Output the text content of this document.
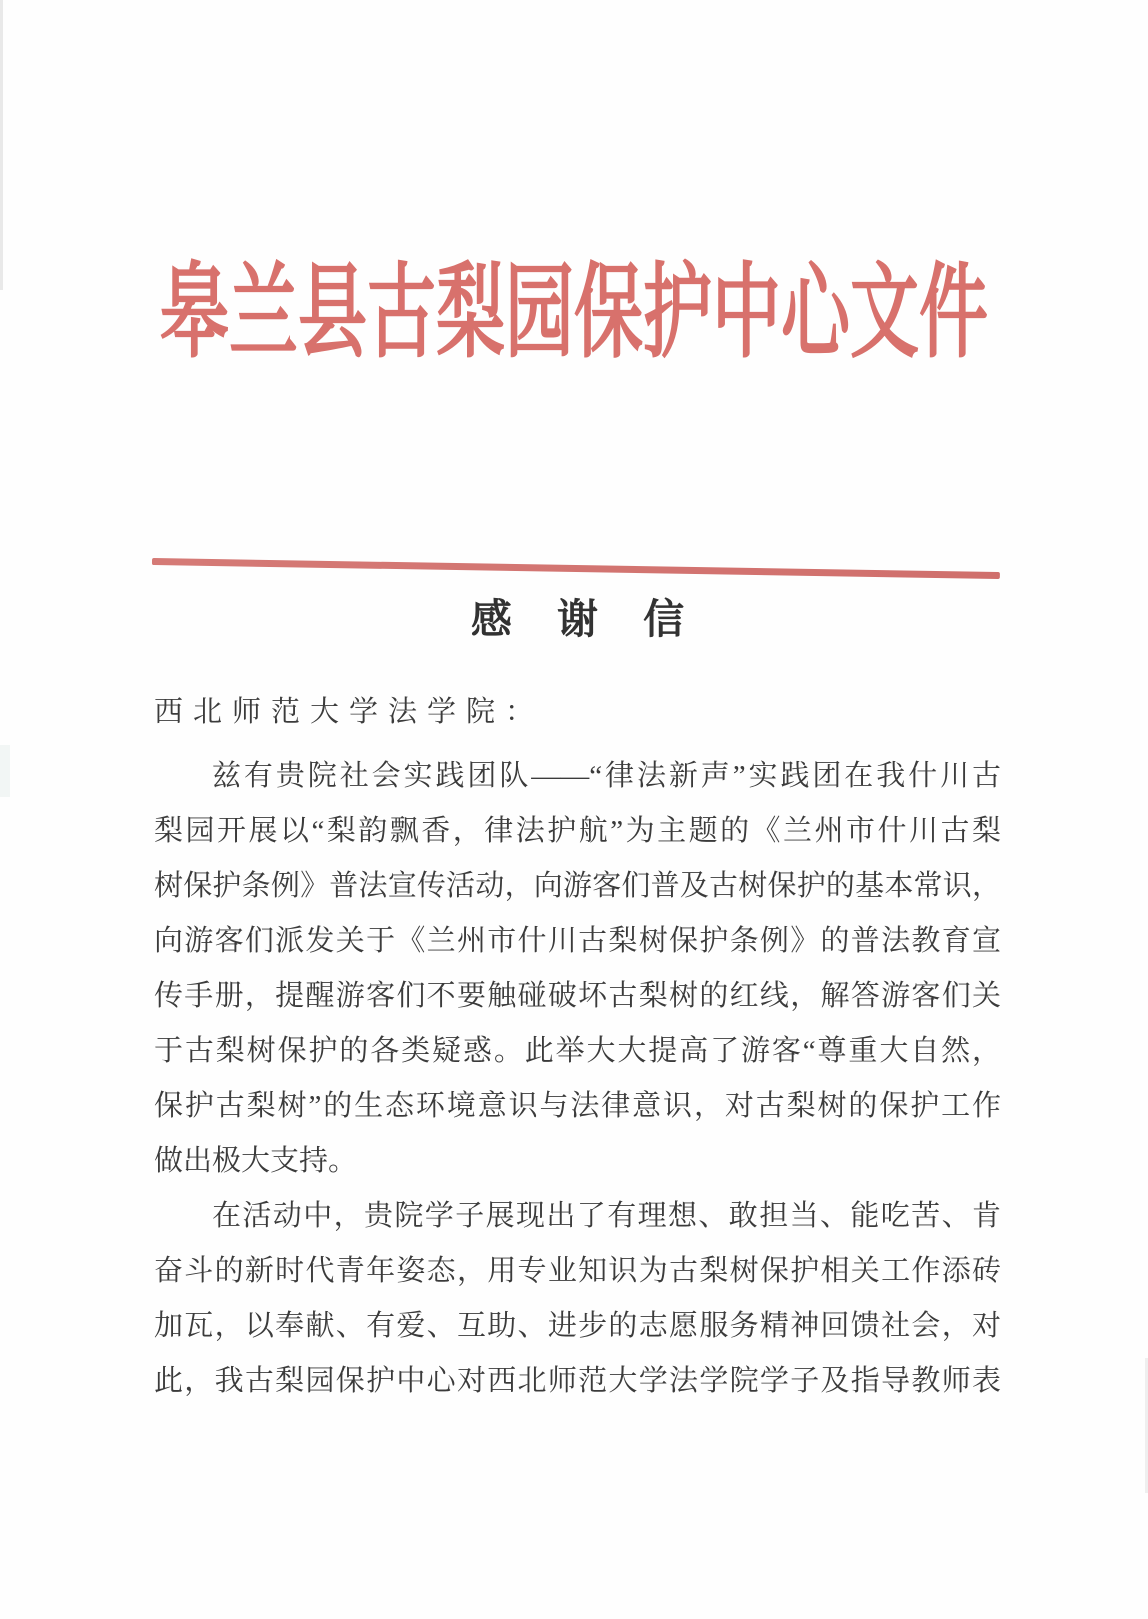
皋兰县古梨园保护中心文件
感谢信
西北师范大学法学院：
兹有贵院社会实践团队——“律法新声”实践团在我什川古
梨园开展以“梨韵飘香，律法护航”为主题的《兰州市什川古梨
树保护条例》普法宣传活动，向游客们普及古树保护的基本常识，
向游客们派发关于《兰州市什川古梨树保护条例》的普法教育宣
传手册，提醒游客们不要触碰破坏古梨树的红线，解答游客们关
于古梨树保护的各类疑惑。此举大大提高了游客“尊重大自然，
保护古梨树”的生态环境意识与法律意识，对古梨树的保护工作
做出极大支持。
在活动中，贵院学子展现出了有理想、敢担当、能吃苦、肯
奋斗的新时代青年姿态，用专业知识为古梨树保护相关工作添砖
加瓦，以奉献、有爱、互助、进步的志愿服务精神回馈社会，对
此，我古梨园保护中心对西北师范大学法学院学子及指导教师表
